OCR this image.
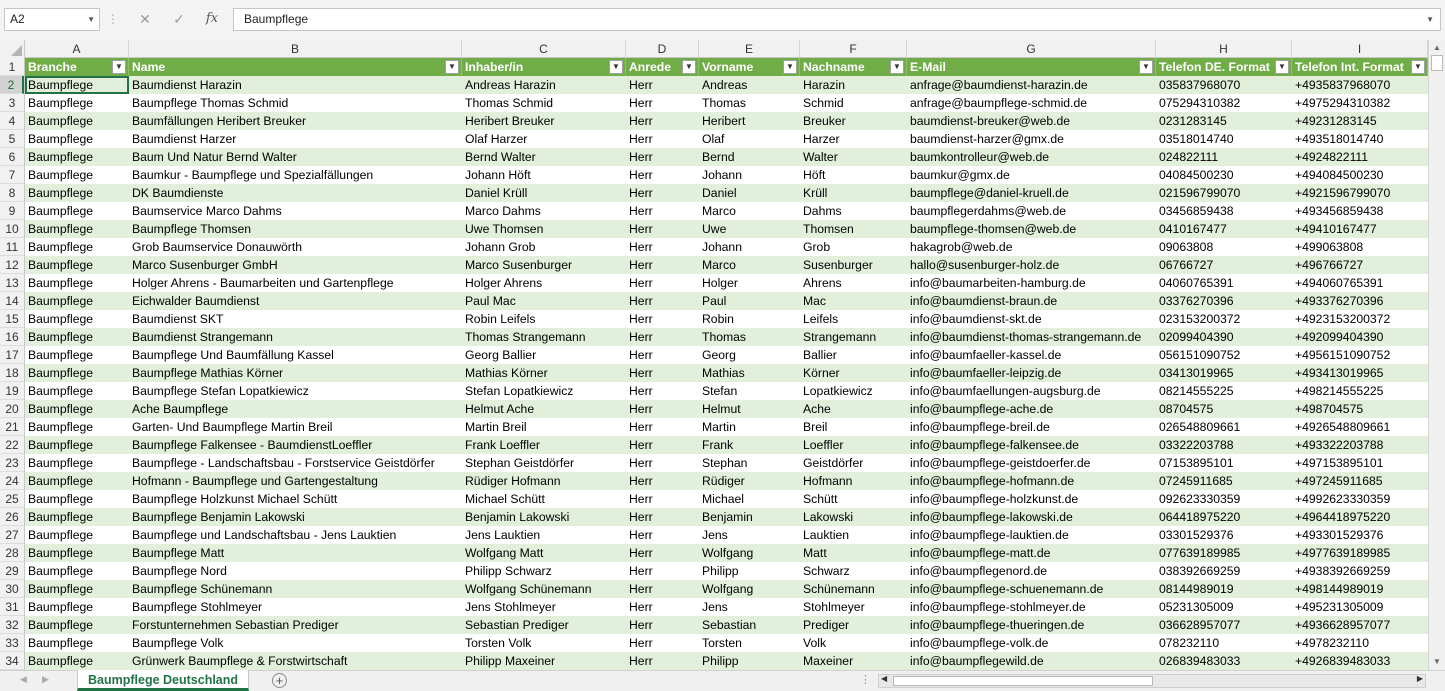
A2	▼ ⋮ ✕ ✓	fx	Baumpflege	▼
A	B	C	D	E	F	G	H	I
1
2
3
4
5
6
7
8
9
10
11
12
13
14
15
16
17
18
19
20
21
22
23
24
25
26
27
28
29
30
31
32
33
34
Branche	▼ Name	▼ Inhaber/in	▼ Anrede	▼ Vorname	▼ Nachname	▼ E-Mail	▼ Telefon DE. Format	▼ Telefon Int. Format	▼
Baumpflege	Baumdienst Harazin	Andreas Harazin	Herr	Andreas	Harazin	anfrage@baumdienst-harazin.de	035837968070	+4935837968070
Baumpflege	Baumpflege Thomas Schmid	Thomas Schmid	Herr	Thomas	Schmid	anfrage@baumpflege-schmid.de	075294310382	+4975294310382
Baumpflege	Baumfällungen Heribert Breuker	Heribert Breuker	Herr	Heribert	Breuker	baumdienst-breuker@web.de	0231283145	+49231283145
Baumpflege	Baumdienst Harzer	Olaf Harzer	Herr	Olaf	Harzer	baumdienst-harzer@gmx.de	03518014740	+493518014740
Baumpflege	Baum Und Natur Bernd Walter	Bernd Walter	Herr	Bernd	Walter	baumkontrolleur@web.de	024822111	+4924822111
Baumpflege	Baumkur - Baumpflege und Spezialfällungen	Johann Höft	Herr	Johann	Höft	baumkur@gmx.de	04084500230	+494084500230
Baumpflege	DK Baumdienste	Daniel Krüll	Herr	Daniel	Krüll	baumpflege@daniel-kruell.de	021596799070	+4921596799070
Baumpflege	Baumservice Marco Dahms	Marco Dahms	Herr	Marco	Dahms	baumpflegerdahms@web.de	03456859438	+493456859438
Baumpflege	Baumpflege Thomsen	Uwe Thomsen	Herr	Uwe	Thomsen	baumpflege-thomsen@web.de	0410167477	+49410167477
Baumpflege	Grob Baumservice Donauwörth	Johann Grob	Herr	Johann	Grob	hakagrob@web.de	09063808	+499063808
Baumpflege	Marco Susenburger GmbH	Marco Susenburger	Herr	Marco	Susenburger	hallo@susenburger-holz.de	06766727	+496766727
Baumpflege	Holger Ahrens - Baumarbeiten und Gartenpflege	Holger Ahrens	Herr	Holger	Ahrens	info@baumarbeiten-hamburg.de	04060765391	+494060765391
Baumpflege	Eichwalder Baumdienst	Paul Mac	Herr	Paul	Mac	info@baumdienst-braun.de	03376270396	+493376270396
Baumpflege	Baumdienst SKT	Robin Leifels	Herr	Robin	Leifels	info@baumdienst-skt.de	023153200372	+4923153200372
Baumpflege	Baumdienst Strangemann	Thomas Strangemann	Herr	Thomas	Strangemann	info@baumdienst-thomas-strangemann.de	02099404390	+492099404390
Baumpflege	Baumpflege Und Baumfällung Kassel	Georg Ballier	Herr	Georg	Ballier	info@baumfaeller-kassel.de	056151090752	+4956151090752
Baumpflege	Baumpflege Mathias Körner	Mathias Körner	Herr	Mathias	Körner	info@baumfaeller-leipzig.de	03413019965	+493413019965
Baumpflege	Baumpflege Stefan Lopatkiewicz	Stefan Lopatkiewicz	Herr	Stefan	Lopatkiewicz	info@baumfaellungen-augsburg.de	08214555225	+498214555225
Baumpflege	Ache Baumpflege	Helmut Ache	Herr	Helmut	Ache	info@baumpflege-ache.de	08704575	+498704575
Baumpflege	Garten- Und Baumpflege Martin Breil	Martin Breil	Herr	Martin	Breil	info@baumpflege-breil.de	026548809661	+4926548809661
Baumpflege	Baumpflege Falkensee - BaumdienstLoeffler	Frank Loeffler	Herr	Frank	Loeffler	info@baumpflege-falkensee.de	03322203788	+493322203788
Baumpflege	Baumpflege - Landschaftsbau - Forstservice Geistdörfer	Stephan Geistdörfer	Herr	Stephan	Geistdörfer	info@baumpflege-geistdoerfer.de	07153895101	+497153895101
Baumpflege	Hofmann - Baumpflege und Gartengestaltung	Rüdiger Hofmann	Herr	Rüdiger	Hofmann	info@baumpflege-hofmann.de	07245911685	+497245911685
Baumpflege	Baumpflege Holzkunst Michael Schütt	Michael Schütt	Herr	Michael	Schütt	info@baumpflege-holzkunst.de	092623330359	+4992623330359
Baumpflege	Baumpflege Benjamin Lakowski	Benjamin Lakowski	Herr	Benjamin	Lakowski	info@baumpflege-lakowski.de	064418975220	+4964418975220
Baumpflege	Baumpflege und Landschaftsbau - Jens Lauktien	Jens Lauktien	Herr	Jens	Lauktien	info@baumpflege-lauktien.de	03301529376	+493301529376
Baumpflege	Baumpflege Matt	Wolfgang Matt	Herr	Wolfgang	Matt	info@baumpflege-matt.de	077639189985	+4977639189985
Baumpflege	Baumpflege Nord	Philipp Schwarz	Herr	Philipp	Schwarz	info@baumpflegenord.de	038392669259	+4938392669259
Baumpflege	Baumpflege Schünemann	Wolfgang Schünemann	Herr	Wolfgang	Schünemann	info@baumpflege-schuenemann.de	08144989019	+498144989019
Baumpflege	Baumpflege Stohlmeyer	Jens Stohlmeyer	Herr	Jens	Stohlmeyer	info@baumpflege-stohlmeyer.de	05231305009	+495231305009
Baumpflege	Forstunternehmen Sebastian Prediger	Sebastian Prediger	Herr	Sebastian	Prediger	info@baumpflege-thueringen.de	036628957077	+4936628957077
Baumpflege	Baumpflege Volk	Torsten Volk	Herr	Torsten	Volk	info@baumpflege-volk.de	078232110	+4978232110
Baumpflege	Grünwerk Baumpflege & Forstwirtschaft	Philipp Maxeiner	Herr	Philipp	Maxeiner	info@baumpflegewild.de	026839483033	+4926839483033
▲
▼
◀ ▶	Baumpflege Deutschland	+	⋮ ◀	▶
